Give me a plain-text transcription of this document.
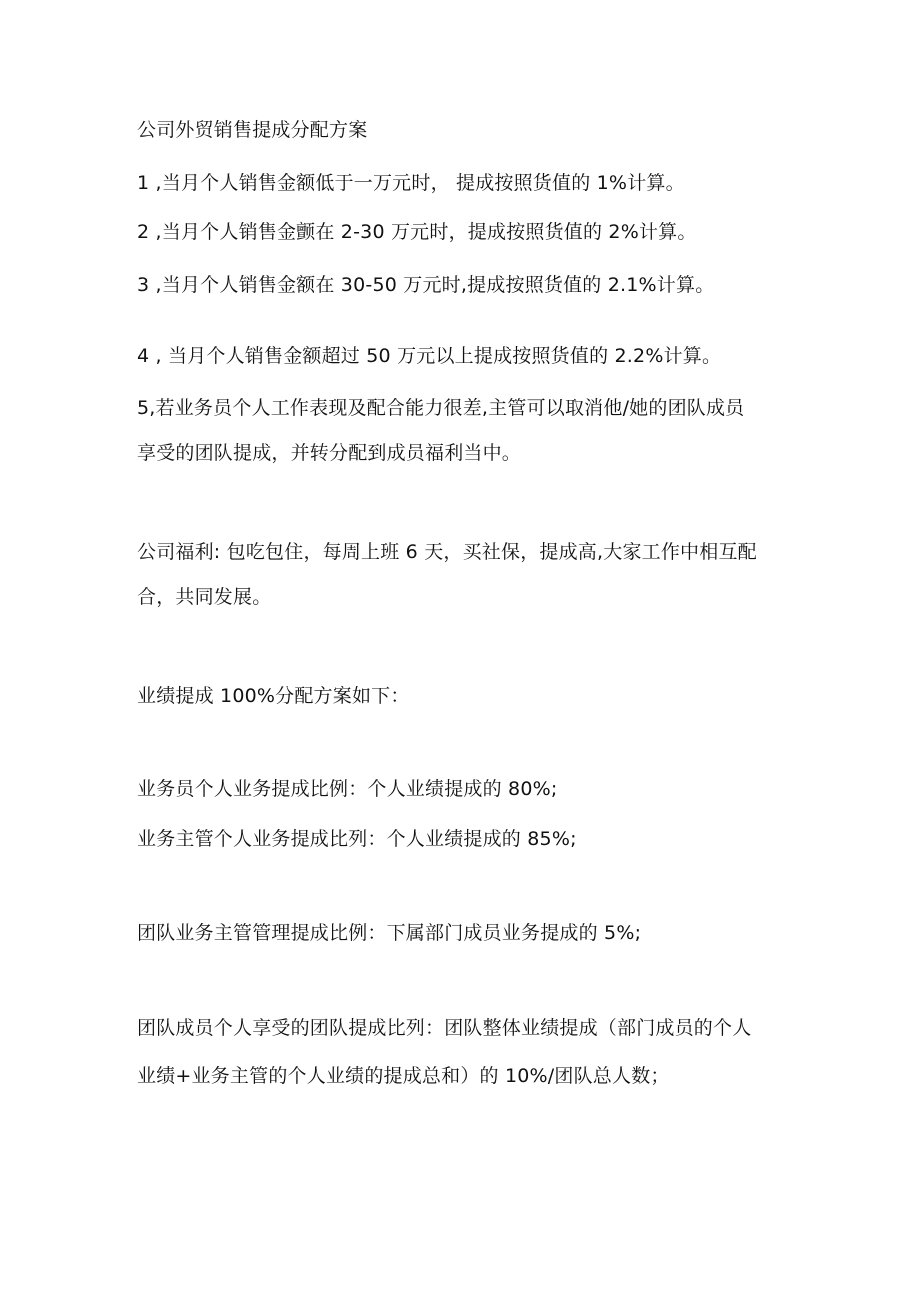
公司外贸销售提成分配方案
1 ,当月个人销售金额低于一万元时， 提成按照货值的 1%计算。
2 ,当月个人销售金颤在 2-30 万元时，提成按照货值的 2%计算。
3 ,当月个人销售金额在 30-50 万元时,提成按照货值的 2.1%计算。
4 , 当月个人销售金额超过 50 万元以上提成按照货值的 2.2%计算。
5,若业务员个人工作表现及配合能力很差,主管可以取消他/她的团队成员
享受的团队提成，并转分配到成员福利当中。
公司福利: 包吃包住，每周上班 6 天，买社保，提成高,大家工作中相互配
合，共同发展。
业绩提成 100%分配方案如下：
业务员个人业务提成比例：个人业绩提成的 80%;
业务主管个人业务提成比列：个人业绩提成的 85%;
团队业务主管管理提成比例：下属部门成员业务提成的 5%;
团队成员个人享受的团队提成比列：团队整体业绩提成（部门成员的个人
业绩+业务主管的个人业绩的提成总和）的 10%/团队总人数；
